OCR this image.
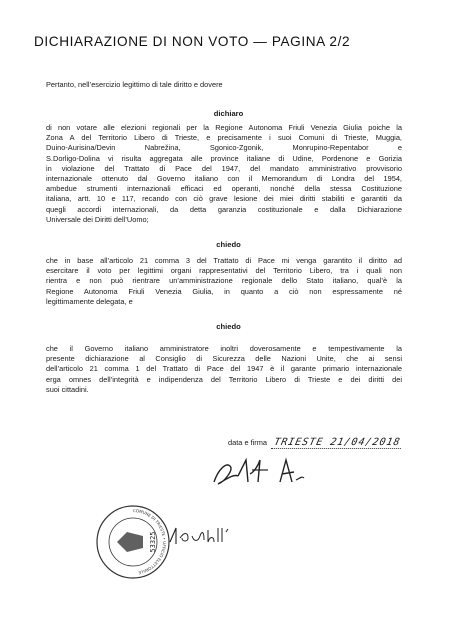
DICHIARAZIONE DI NON VOTO — PAGINA 2/2
Pertanto, nell’esercizio legittimo di tale diritto e dovere
dichiaro
di non votare alle elezioni regionali per la Regione Autonoma Friuli Venezia Giulia poiche la
Zona A del Territorio Libero di Trieste, e precisamente i suoi Comuni di Trieste, Muggia,
Duino-Aurisina/Devin Nabrežina, Sgonico-Zgonik, Monrupino-Repentabor e
S.Dorligo-Dolina vi risulta aggregata alle province italiane di Udine, Pordenone e Gorizia
in violazione del Trattato di Pace del 1947, del mandato amministrativo provvisorio
internazionale ottenuto dal Governo italiano con il Memorandum di Londra del 1954,
ambedue strumenti internazionali efficaci ed operanti, nonché della stessa Costituzione
italiana, artt. 10 e 117, recando con ciò grave lesione dei miei diritti stabiliti e garantiti da
quegli accordi internazionali, da detta garanzia costituzionale e dalla Dichiarazione
Universale dei Diritti dell’Uomo;
chiedo
che in base all’articolo 21 comma 3 del Trattato di Pace mi venga garantito il diritto ad
esercitare il voto per legittimi organi rappresentativi del Territorio Libero, tra i quali non
rientra e non può rientrare un’amministrazione regionale dello Stato italiano, qual’è la
Regione Autonoma Friuli Venezia Giulia, in quanto a ciò non espressamente né
legittimamente delegata, e
chiedo
che il Governo italiano amministratore inoltri doverosamente e tempestivamente la
presente dichiarazione al Consiglio di Sicurezza delle Nazioni Unite, che ai sensi
dell’articolo 21 comma 1 del Trattato di Pace del 1947 è il garante primario internazionale
erga omnes dell’integrità e indipendenza del Territorio Libero di Trieste e dei diritti dei
suoi cittadini.
data e firma TRIESTE 21/04/2018
53325
COMUNE DI TRIESTE • UFFICIO ELETTORALE
